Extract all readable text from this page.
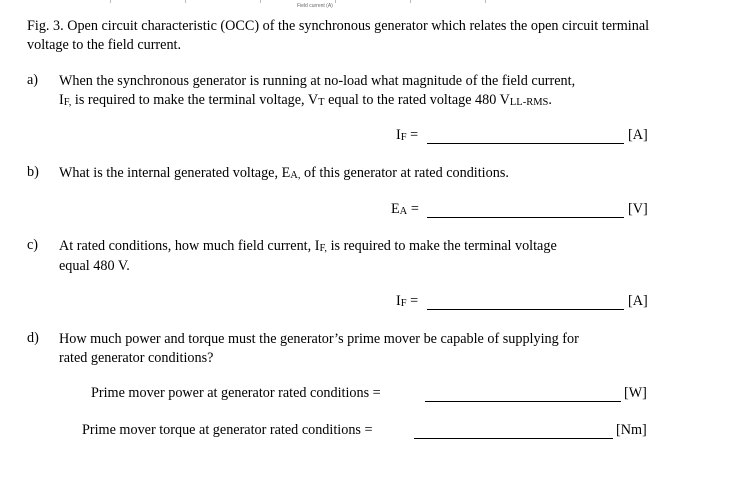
Field current (A)
Fig. 3. Open circuit characteristic (OCC) of the synchronous generator which relates the open circuit terminal voltage to the field current.
a) When the synchronous generator is running at no-load what magnitude of the field current,
$I_{F,}$ is required to make the terminal voltage, $V_T$ equal to the rated voltage 480 $V_{LL-RMS}$.
$I_F$ =	[A]
b) What is the internal generated voltage, $E_{A,}$ of this generator at rated conditions.
$E_A$ =	[V]
c) At rated conditions, how much field current, $I_{F,}$ is required to make the terminal voltage
equal 480 V.
$I_F$ =	[A]
d) How much power and torque must the generator’s prime mover be capable of supplying for
rated generator conditions?
Prime mover power at generator rated conditions =	[W]
Prime mover torque at generator rated conditions =	[Nm]
